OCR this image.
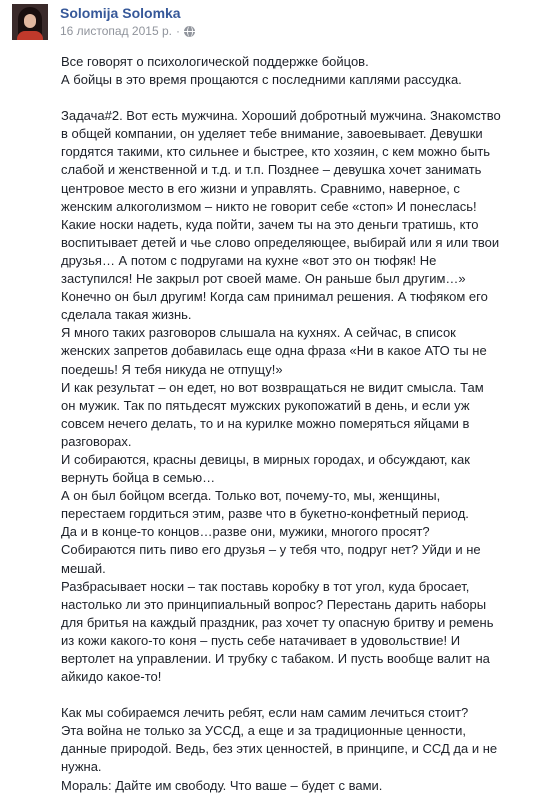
Solomija Solomka
16 листопад 2015 р. ·

Все говорят о психологической поддержке бойцов.
А бойцы в это время прощаются с последними каплями рассудка.

Задача#2. Вот есть мужчина. Хороший добротный мужчина. Знакомство в общей компании, он уделяет тебе внимание, завоевывает. Девушки гордятся такими, кто сильнее и быстрее, кто хозяин, с кем можно быть слабой и женственной и т.д. и т.п. Позднее – девушка хочет занимать центровое место в его жизни и управлять. Сравнимо, наверное, с женским алкоголизмом – никто не говорит себе «стоп» И понеслась! Какие носки надеть, куда пойти, зачем ты на это деньги тратишь, кто воспитывает детей и чье слово определяющее, выбирай или я или твои друзья… А потом с подругами на кухне «вот это он тюфяк! Не заступился! Не закрыл рот своей маме. Он раньше был другим…» Конечно он был другим! Когда сам принимал решения. А тюфяком его сделала такая жизнь.
Я много таких разговоров слышала на кухнях. А сейчас, в список женских запретов добавилась еще одна фраза «Ни в какое АТО ты не поедешь! Я тебя никуда не отпущу!»
И как результат – он едет, но вот возвращаться не видит смысла. Там он мужик. Так по пятьдесят мужских рукопожатий в день, и если уж совсем нечего делать, то и на курилке можно померяться яйцами в разговорах.
И собираются, красны девицы, в мирных городах, и обсуждают, как вернуть бойца в семью…
А он был бойцом всегда. Только вот, почему-то, мы, женщины, перестаем гордиться этим, разве что в букетно-конфетный период.
Да и в конце-то концов…разве они, мужики, многого просят?
Собираются пить пиво его друзья – у тебя что, подруг нет? Уйди и не мешай.
Разбрасывает носки – так поставь коробку в тот угол, куда бросает, настолько ли это принципиальный вопрос? Перестань дарить наборы для бритья на каждый праздник, раз хочет ту опасную бритву и ремень из кожи какого-то коня – пусть себе натачивает в удовольствие! И вертолет на управлении. И трубку с табаком. И пусть вообще валит на айкидо какое-то!

Как мы собираемся лечить ребят, если нам самим лечиться стоит?
Эта война не только за УССД, а еще и за традиционные ценности, данные природой. Ведь, без этих ценностей, в принципе, и ССД да и не нужна.
Мораль: Дайте им свободу. Что ваше – будет с вами.
